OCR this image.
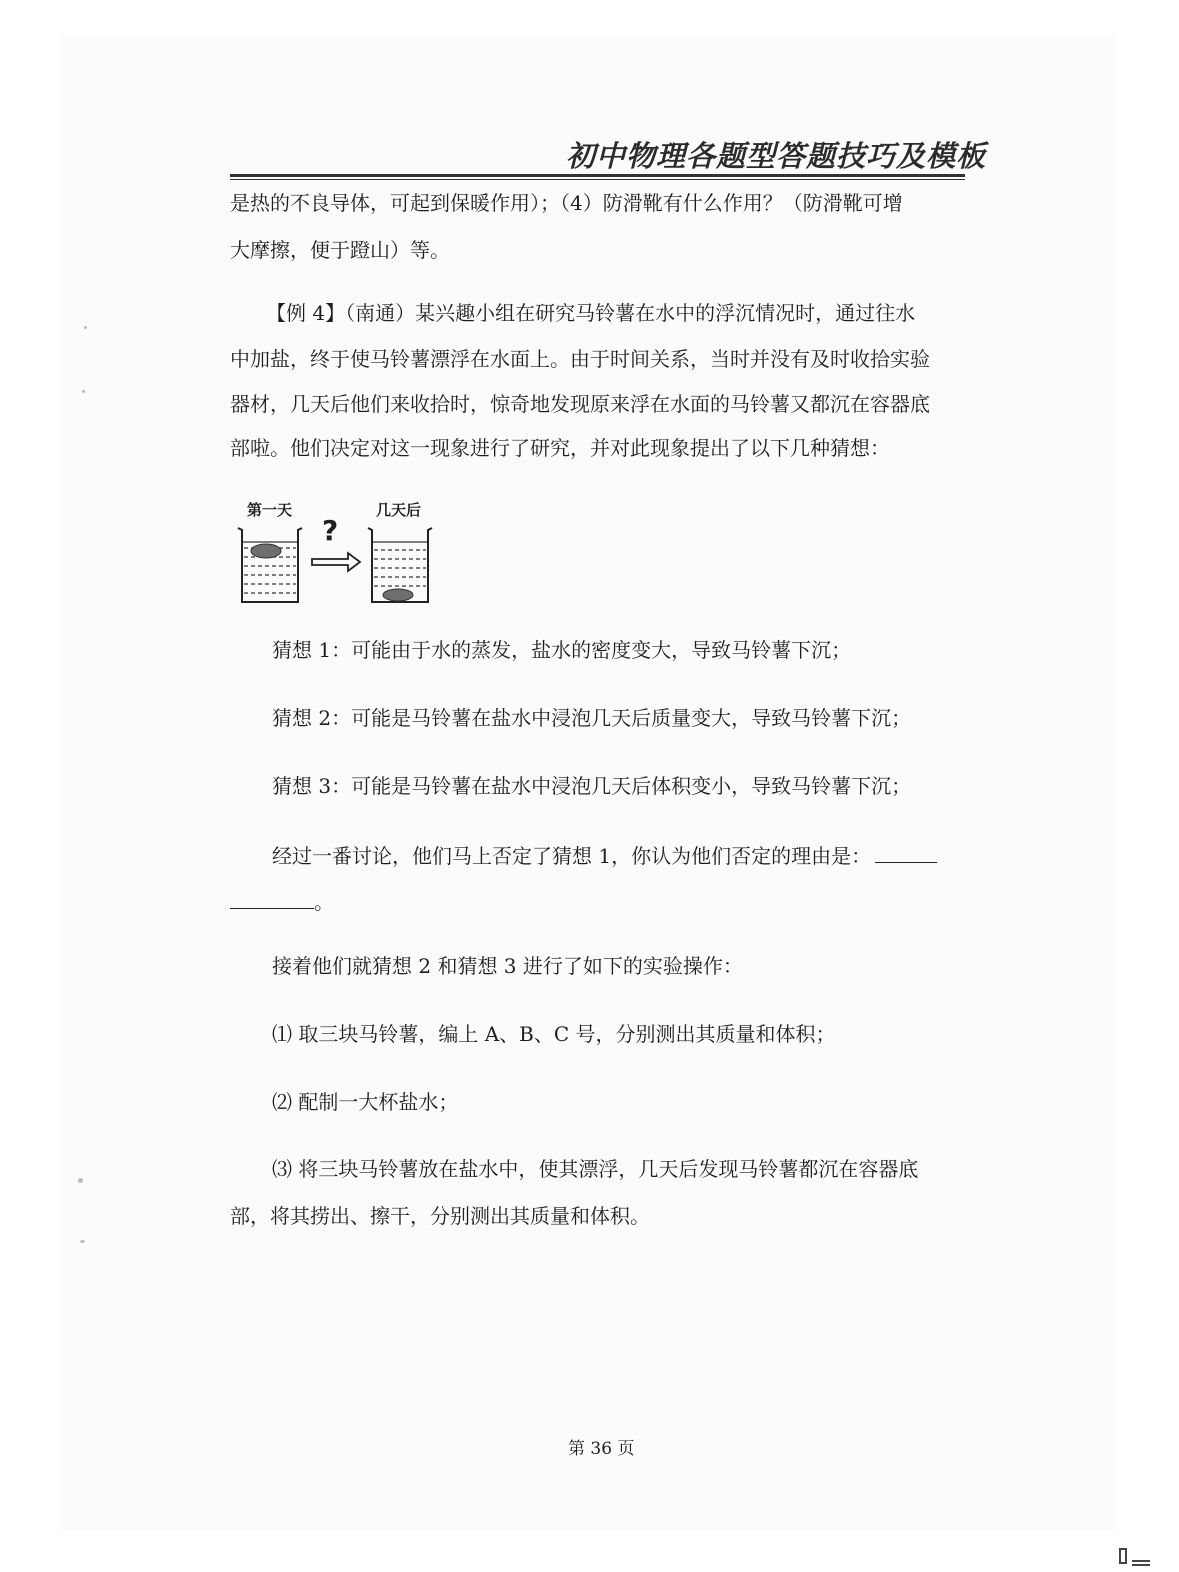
初中物理各题型答题技巧及模板
是热的不良导体，可起到保暖作用）；（4）防滑靴有什么作用？（防滑靴可增
大摩擦，便于蹬山）等。
【例 4】（南通）某兴趣小组在研究马铃薯在水中的浮沉情况时，通过往水
中加盐，终于使马铃薯漂浮在水面上。由于时间关系，当时并没有及时收拾实验
器材，几天后他们来收拾时，惊奇地发现原来浮在水面的马铃薯又都沉在容器底
部啦。他们决定对这一现象进行了研究，并对此现象提出了以下几种猜想：
第一天	几天后
?
猜想 1：可能由于水的蒸发，盐水的密度变大，导致马铃薯下沉；
猜想 2：可能是马铃薯在盐水中浸泡几天后质量变大，导致马铃薯下沉；
猜想 3：可能是马铃薯在盐水中浸泡几天后体积变小，导致马铃薯下沉；
经过一番讨论，他们马上否定了猜想 1，你认为他们否定的理由是：
。
接着他们就猜想 2 和猜想 3 进行了如下的实验操作：
⑴ 取三块马铃薯，编上 A、B、C 号，分别测出其质量和体积；
⑵ 配制一大杯盐水；
⑶ 将三块马铃薯放在盐水中，使其漂浮，几天后发现马铃薯都沉在容器底
部，将其捞出、擦干，分别测出其质量和体积。
第 36 页
